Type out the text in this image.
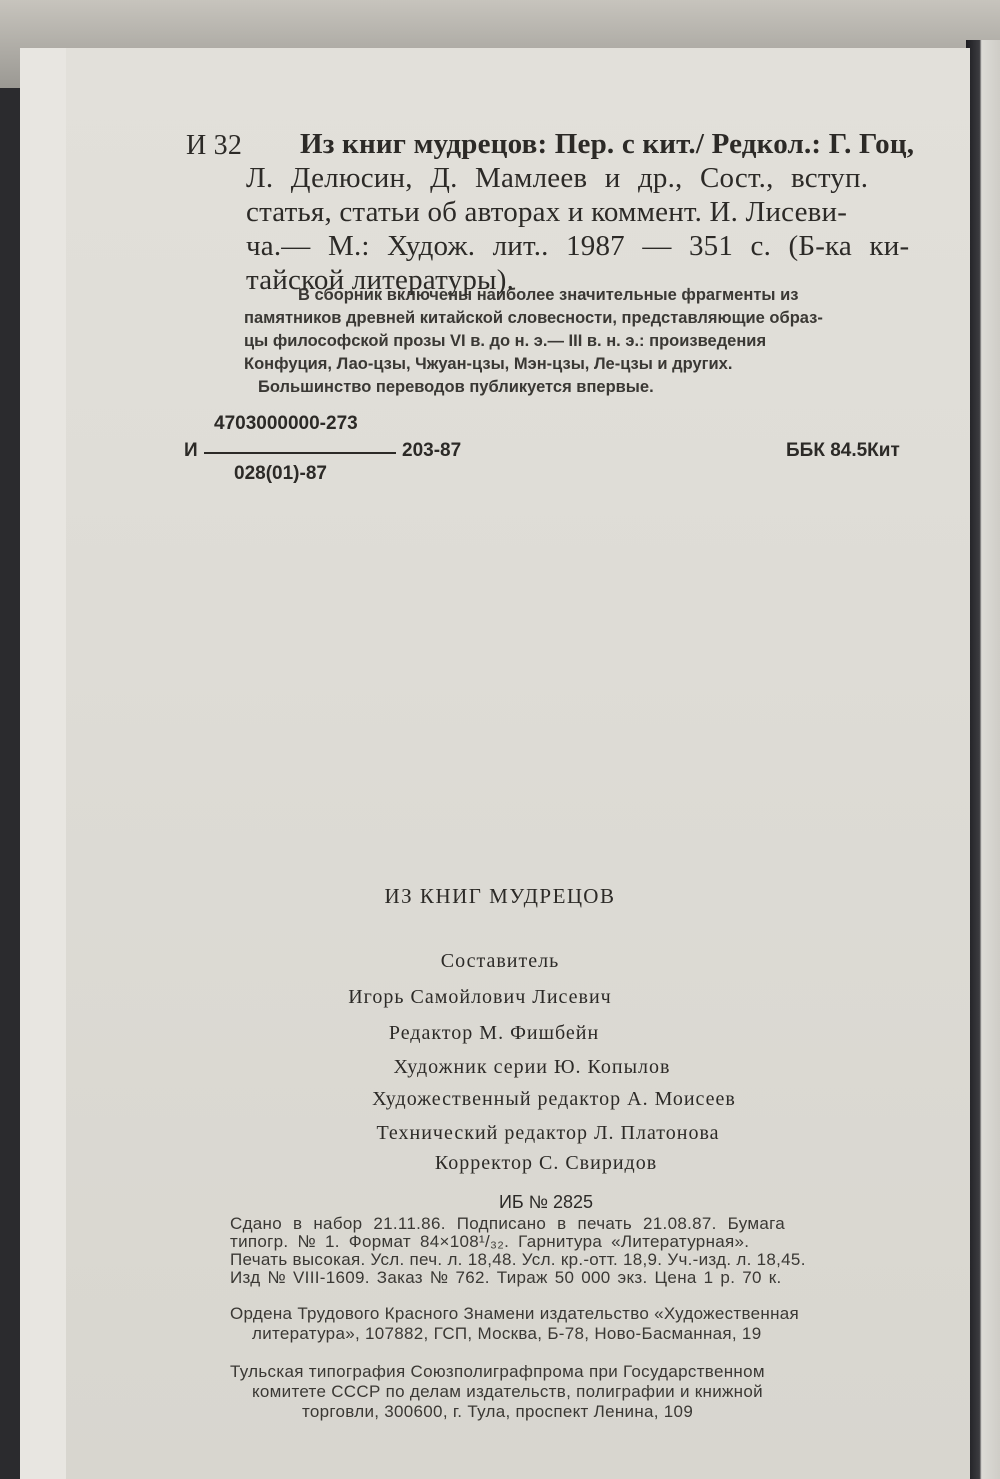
И 32 Из книг мудрецов: Пер. с кит./ Редкол.: Г. Гоц,
Л. Делюсин, Д. Мамлеев и др., Сост., вступ.
статья, статьи об авторах и коммент. И. Лисеви-
ча.— М.: Худож. лит.. 1987 — 351 с. (Б-ка ки-
тайской литературы).
В сборник включены наиболее значительные фрагменты из
памятников древней китайской словесности, представляющие образ-
цы философской прозы VI в. до н. э.— III в. н. э.: произведения
Конфуция, Лао-цзы, Чжуан-цзы, Мэн-цзы, Ле-цзы и других.
Большинство переводов публикуется впервые.
4703000000-273
И	203-87
028(01)-87
ББК 84.5Кит
ИЗ КНИГ МУДРЕЦОВ
Составитель
Игорь Самойлович Лисевич
Редактор М. Фишбейн
Художник серии Ю. Копылов
Художественный редактор А. Моисеев
Технический редактор Л. Платонова
Корректор С. Свиридов
ИБ № 2825
Сдано в набор 21.11.86. Подписано в печать 21.08.87. Бумага
типогр. № 1. Формат 84×108¹/₃₂. Гарнитура «Литературная».
Печать высокая. Усл. печ. л. 18,48. Усл. кр.-отт. 18,9. Уч.-изд. л. 18,45.
Изд № VIII-1609. Заказ № 762. Тираж 50 000 экз. Цена 1 р. 70 к.
Ордена Трудового Красного Знамени издательство «Художественная
литература», 107882, ГСП, Москва, Б-78, Ново-Басманная, 19
Тульская типография Союзполиграфпрома при Государственном
комитете СССР по делам издательств, полиграфии и книжной
торговли, 300600, г. Тула, проспект Ленина, 109
